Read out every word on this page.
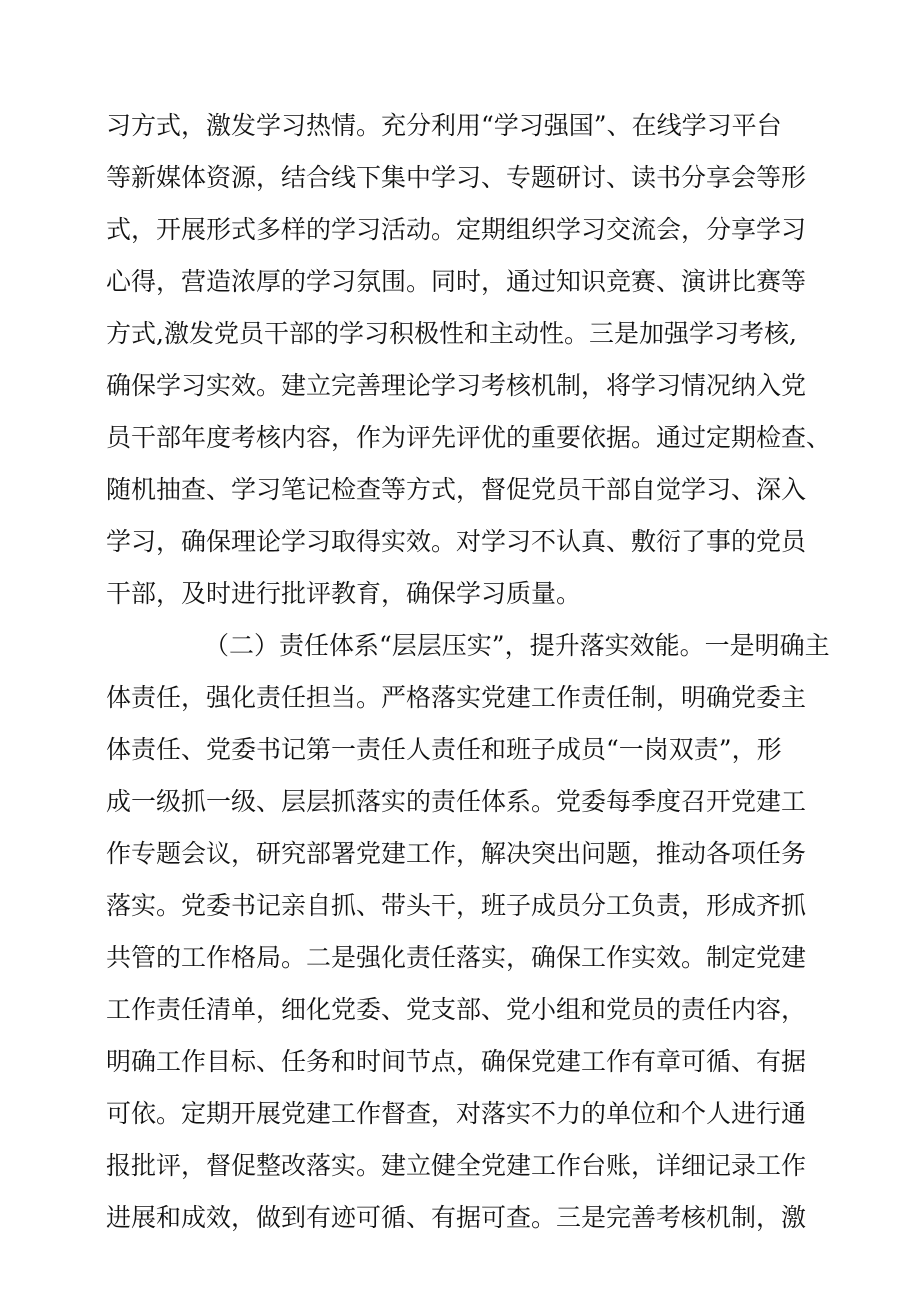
习方式，激发学习热情。充分利用“学习强国”、在线学习平台
等新媒体资源，结合线下集中学习、专题研讨、读书分享会等形
式，开展形式多样的学习活动。定期组织学习交流会，分享学习
心得，营造浓厚的学习氛围。同时，通过知识竞赛、演讲比赛等
方式,激发党员干部的学习积极性和主动性。三是加强学习考核,
确保学习实效。建立完善理论学习考核机制，将学习情况纳入党
员干部年度考核内容，作为评先评优的重要依据。通过定期检查、
随机抽查、学习笔记检查等方式，督促党员干部自觉学习、深入
学习，确保理论学习取得实效。对学习不认真、敷衍了事的党员
干部，及时进行批评教育，确保学习质量。
（二）责任体系“层层压实”，提升落实效能。一是明确主
体责任，强化责任担当。严格落实党建工作责任制，明确党委主
体责任、党委书记第一责任人责任和班子成员“一岗双责”，形
成一级抓一级、层层抓落实的责任体系。党委每季度召开党建工
作专题会议，研究部署党建工作，解决突出问题，推动各项任务
落实。党委书记亲自抓、带头干，班子成员分工负责，形成齐抓
共管的工作格局。二是强化责任落实，确保工作实效。制定党建
工作责任清单，细化党委、党支部、党小组和党员的责任内容，
明确工作目标、任务和时间节点，确保党建工作有章可循、有据
可依。定期开展党建工作督查，对落实不力的单位和个人进行通
报批评，督促整改落实。建立健全党建工作台账，详细记录工作
进展和成效，做到有迹可循、有据可查。三是完善考核机制，激
